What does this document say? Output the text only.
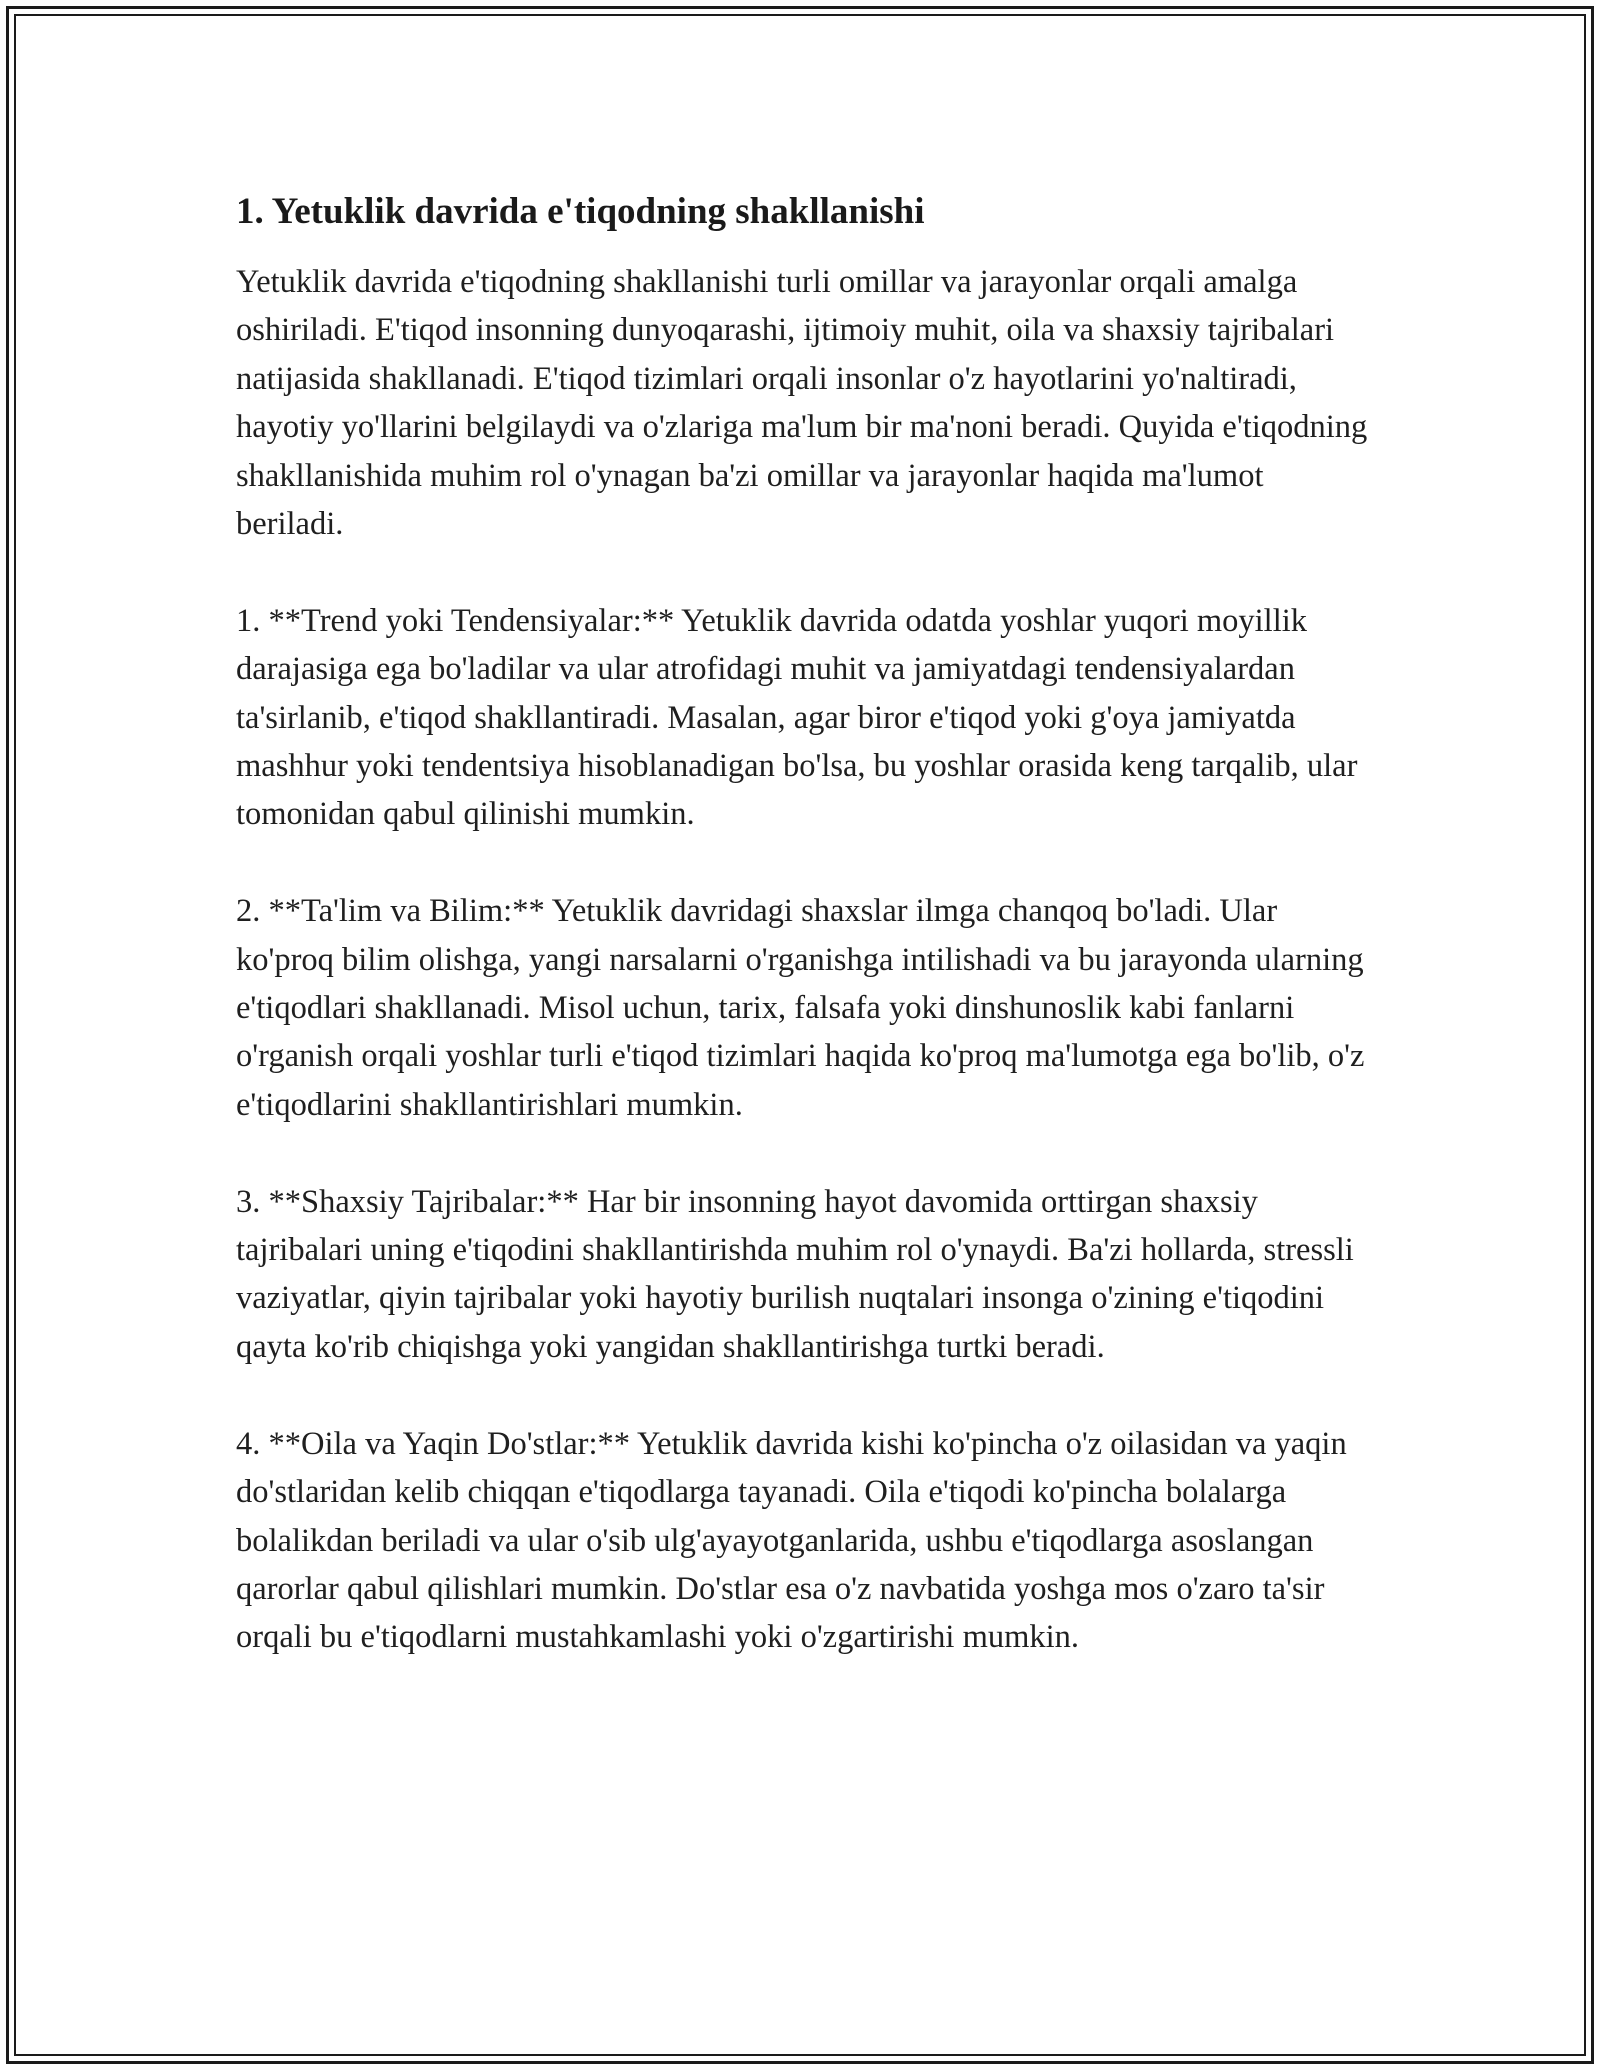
1. Yetuklik davrida e'tiqodning shakllanishi

Yetuklik davrida e'tiqodning shakllanishi turli omillar va jarayonlar orqali amalga oshiriladi. E'tiqod insonning dunyoqarashi, ijtimoiy muhit, oila va shaxsiy tajribalari natijasida shakllanadi. E'tiqod tizimlari orqali insonlar o'z hayotlarini yo'naltiradi, hayotiy yo'llarini belgilaydi va o'zlariga ma'lum bir ma'noni beradi. Quyida e'tiqodning shakllanishida muhim rol o'ynagan ba'zi omillar va jarayonlar haqida ma'lumot beriladi.

1. **Trend yoki Tendensiyalar:** Yetuklik davrida odatda yoshlar yuqori moyillik darajasiga ega bo'ladilar va ular atrofidagi muhit va jamiyatdagi tendensiyalardan ta'sirlanib, e'tiqod shakllantiradi. Masalan, agar biror e'tiqod yoki g'oya jamiyatda mashhur yoki tendentsiya hisoblanadigan bo'lsa, bu yoshlar orasida keng tarqalib, ular tomonidan qabul qilinishi mumkin.

2. **Ta'lim va Bilim:** Yetuklik davridagi shaxslar ilmga chanqoq bo'ladi. Ular ko'proq bilim olishga, yangi narsalarni o'rganishga intilishadi va bu jarayonda ularning e'tiqodlari shakllanadi. Misol uchun, tarix, falsafa yoki dinshunoslik kabi fanlarni o'rganish orqali yoshlar turli e'tiqod tizimlari haqida ko'proq ma'lumotga ega bo'lib, o'z e'tiqodlarini shakllantirishlari mumkin.

3. **Shaxsiy Tajribalar:** Har bir insonning hayot davomida orttirgan shaxsiy tajribalari uning e'tiqodini shakllantirishda muhim rol o'ynaydi. Ba'zi hollarda, stressli vaziyatlar, qiyin tajribalar yoki hayotiy burilish nuqtalari insonga o'zining e'tiqodini qayta ko'rib chiqishga yoki yangidan shakllantirishga turtki beradi.

4. **Oila va Yaqin Do'stlar:** Yetuklik davrida kishi ko'pincha o'z oilasidan va yaqin do'stlaridan kelib chiqqan e'tiqodlarga tayanadi. Oila e'tiqodi ko'pincha bolalarga bolalikdan beriladi va ular o'sib ulg'ayayotganlarida, ushbu e'tiqodlarga asoslangan qarorlar qabul qilishlari mumkin. Do'stlar esa o'z navbatida yoshga mos o'zaro ta'sir orqali bu e'tiqodlarni mustahkamlashi yoki o'zgartirishi mumkin.
